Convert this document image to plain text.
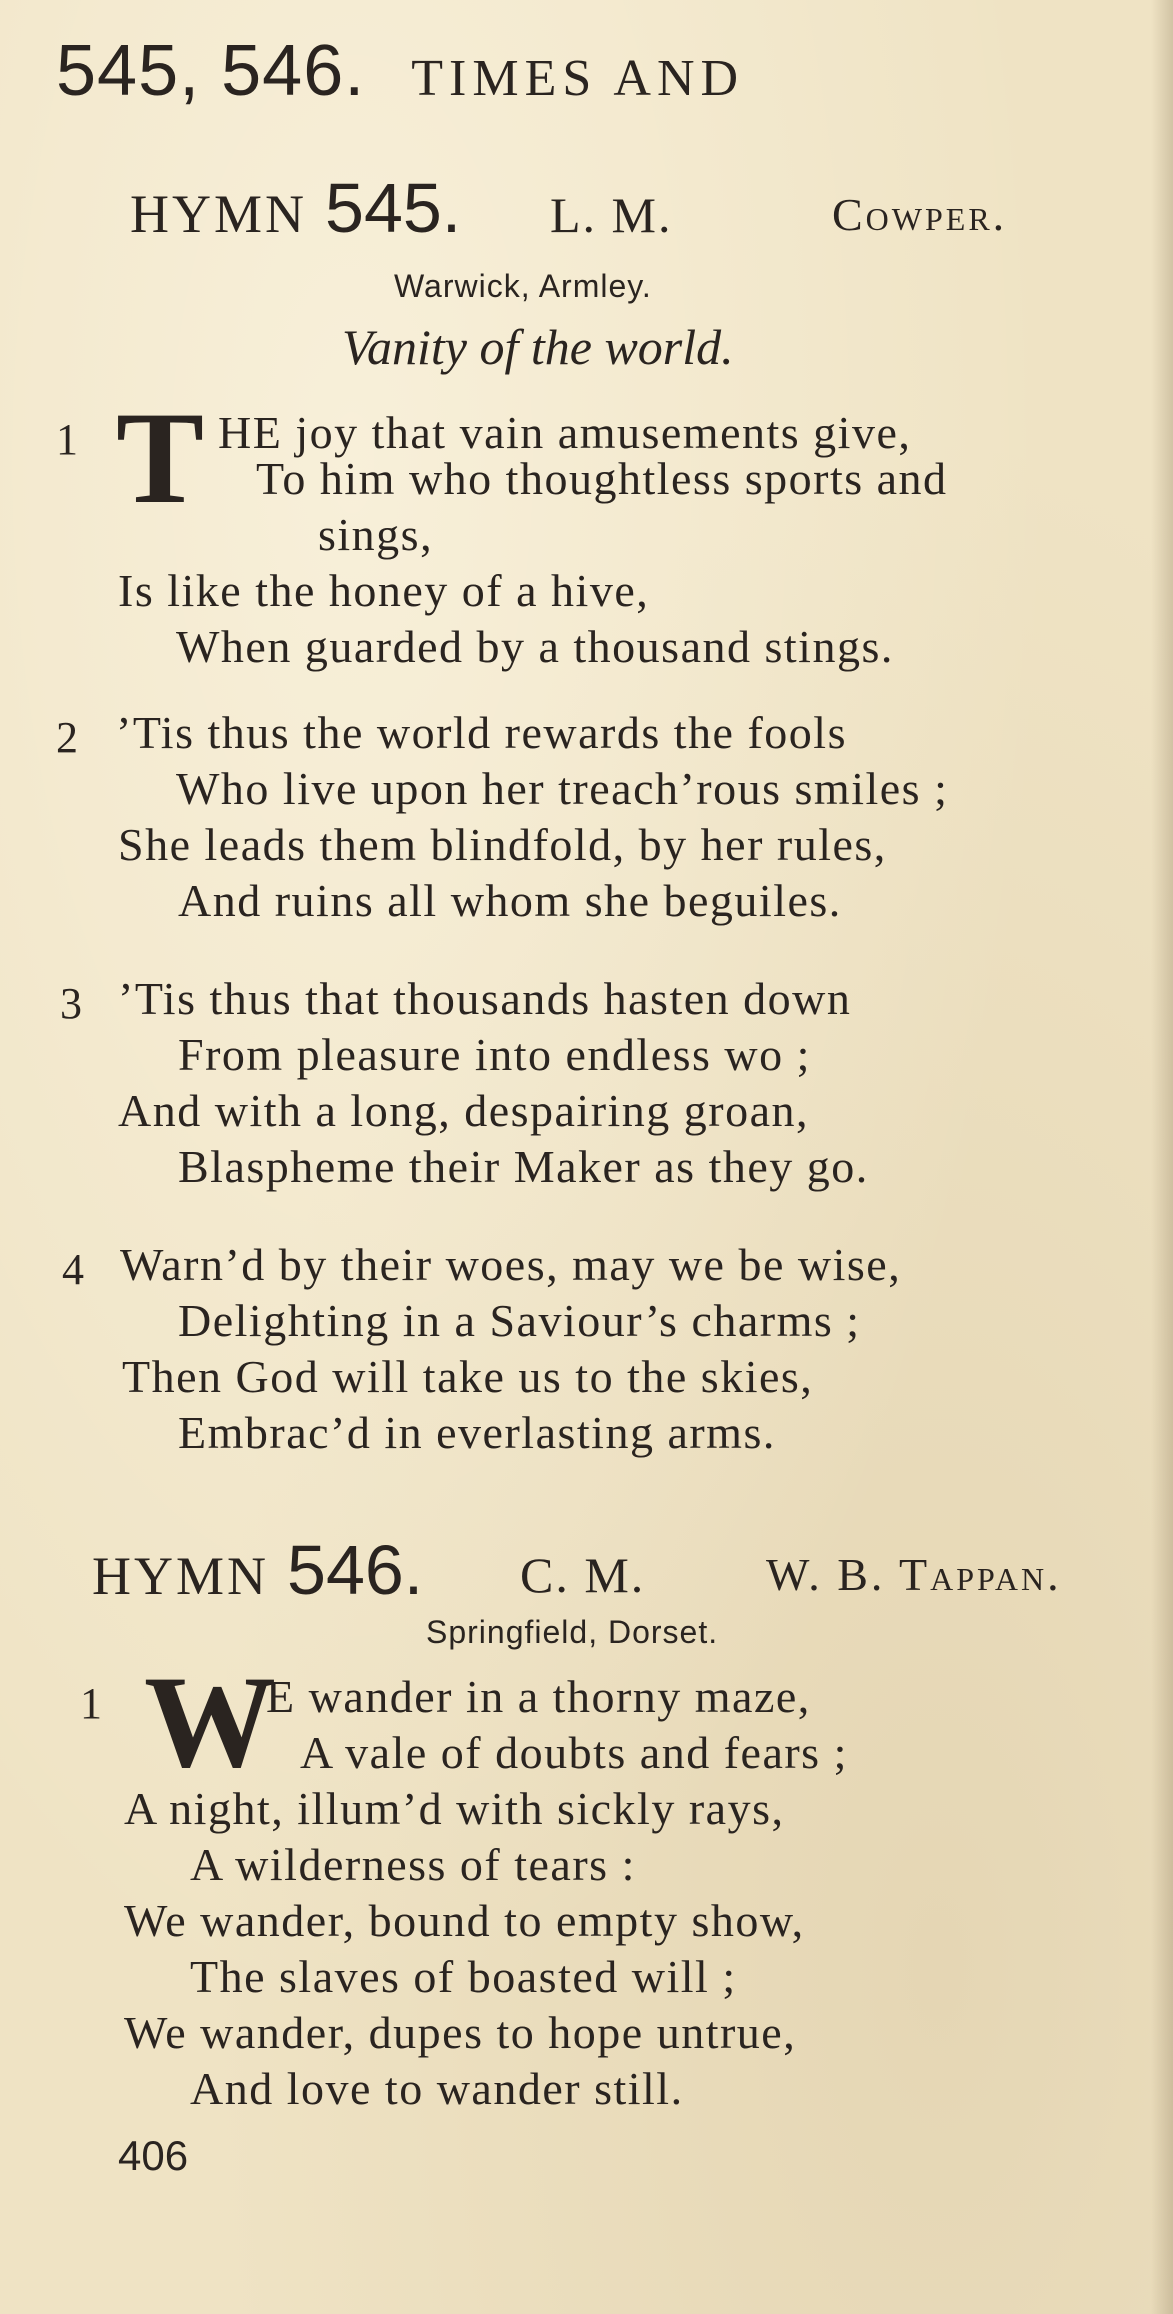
545, 546. TIMES AND
HYMN 545. L. M.	Cowper.
Warwick, Armley.
Vanity of the world.
1 T HE joy that vain amusements give,
To him who thoughtless sports and
sings,
Is like the honey of a hive,
When guarded by a thousand stings.
2 ’Tis thus the world rewards the fools
Who live upon her treach’rous smiles ;
She leads them blindfold, by her rules,
And ruins all whom she beguiles.
3 ’Tis thus that thousands hasten down
From pleasure into endless wo ;
And with a long, despairing groan,
Blaspheme their Maker as they go.
4 Warn’d by their woes, may we be wise,
Delighting in a Saviour’s charms ;
Then God will take us to the skies,
Embrac’d in everlasting arms.
HYMN 546. C. M.	W. B. Tappan.
Springfield, Dorset.
1 W
E wander in a thorny maze,
A vale of doubts and fears ;
A night, illum’d with sickly rays,
A wilderness of tears :
We wander, bound to empty show,
The slaves of boasted will ;
We wander, dupes to hope untrue,
And love to wander still.
406
